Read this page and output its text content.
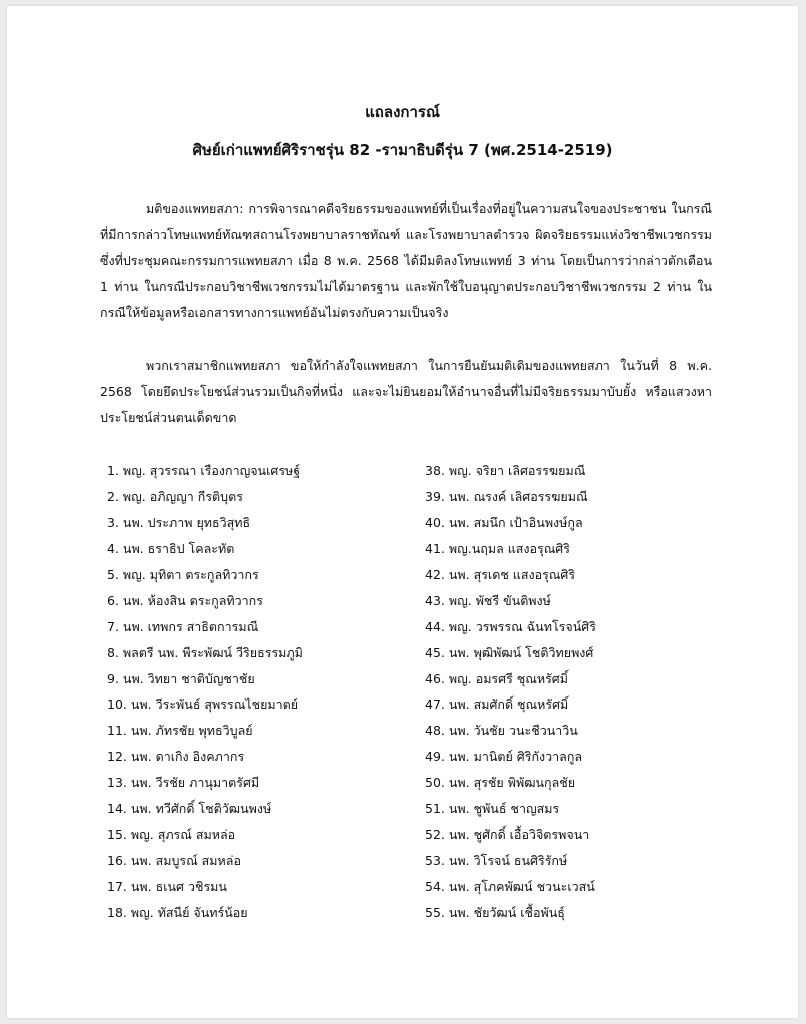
แถลงการณ์
ศิษย์เก่าแพทย์ศิริราชรุ่น 82 -รามาธิบดีรุ่น 7 (พศ.2514-2519)
มติของแพทยสภา: การพิจารณาคดีจริยธรรมของแพทย์ที่เป็นเรื่องที่อยู่ในความสนใจของประชาชน ในกรณีที่มีการกล่าวโทษแพทย์ทัณฑสถานโรงพยาบาลราชทัณฑ์ และโรงพยาบาลตำรวจ ผิดจริยธรรมแห่งวิชาชีพเวชกรรม ซึ่งที่ประชุมคณะกรรมการแพทยสภา เมื่อ 8 พ.ค. 2568 ได้มีมติลงโทษแพทย์ 3 ท่าน โดยเป็นการว่ากล่าวตักเตือน 1 ท่าน ในกรณีประกอบวิชาชีพเวชกรรมไม่ได้มาตรฐาน และพักใช้ใบอนุญาตประกอบวิชาชีพเวชกรรม 2 ท่าน ในกรณีให้ข้อมูลหรือเอกสารทางการแพทย์อันไม่ตรงกับความเป็นจริง
พวกเราสมาชิกแพทยสภา ขอให้กำลังใจแพทยสภา ในการยืนยันมติเดิมของแพทยสภา ในวันที่ 8 พ.ค. 2568 โดยยึดประโยชน์ส่วนรวมเป็นกิจที่หนึ่ง และจะไม่ยินยอมให้อำนาจอื่นที่ไม่มีจริยธรรมมาบับยั้ง หรือแสวงหาประโยชน์ส่วนตนเด็ดขาด
1. พญ. สุวรรณา เรืองกาญจนเศรษฐ์
2. พญ. อภิญญา กีรติบุตร
3. นพ. ประภาพ ยุทธวิสุทธิ
4. นพ. ธราธิป โคละทัต
5. พญ. มุทิตา ตระกูลทิวากร
6. นพ. ห้องสิน ตระกูลทิวากร
7. นพ. เทพกร สาธิตการมณี
8. พลตรี นพ. พีระพัฒน์ วีริยธรรมภูมิ
9. นพ. วิทยา ชาติบัญชาชัย
10. นพ. วีระพันธ์ สุพรรณไชยมาตย์
11. นพ. ภัทรชัย พุทธวิบูลย์
12. นพ. ดาเกิง อิงคภากร
13. นพ. วีรชัย ภานุมาตรัศมี
14. นพ. ทวีศักดิ์ โชติวัฒนพงษ์
15. พญ. สุภรณ์ สมหล่อ
16. นพ. สมบูรณ์ สมหล่อ
17. นพ. ธเนศ วชิรมน
18. พญ. ทัสนีย์ จันทร์น้อย
38. พญ. จริยา เลิศอรรฆยมณี
39. นพ. ณรงค์ เลิศอรรฆยมณี
40. นพ. สมนึก เป้าอินพงษ์กูล
41. พญ.นฤมล แสงอรุณศิริ
42. นพ. สุรเดช แสงอรุณศิริ
43. พญ. พัชรี ขันติพงษ์
44. พญ. วรพรรณ ฉันทโรจน์ศิริ
45. นพ. พุฒิพัฒน์ โชติวิทยพงศ์
46. พญ. อมรศรี ชุณหรัศมิ์
47. นพ. สมศักดิ์ ชุณหรัศมิ์
48. นพ. วันชัย วนะชีวนาวิน
49. นพ. มานิตย์ ศิริกังวาลกูล
50. นพ. สุรชัย พิพัฒนกุลชัย
51. นพ. ชูพันธ์ ชาญสมร
52. นพ. ชูศักดิ์ เอื้อวิจิตรพจนา
53. นพ. วิโรจน์ ธนศิริรักษ์
54. นพ. สุโภคพัฒน์ ชวนะเวสน์
55. นพ. ชัยวัฒน์ เชื้อพันธุ์
